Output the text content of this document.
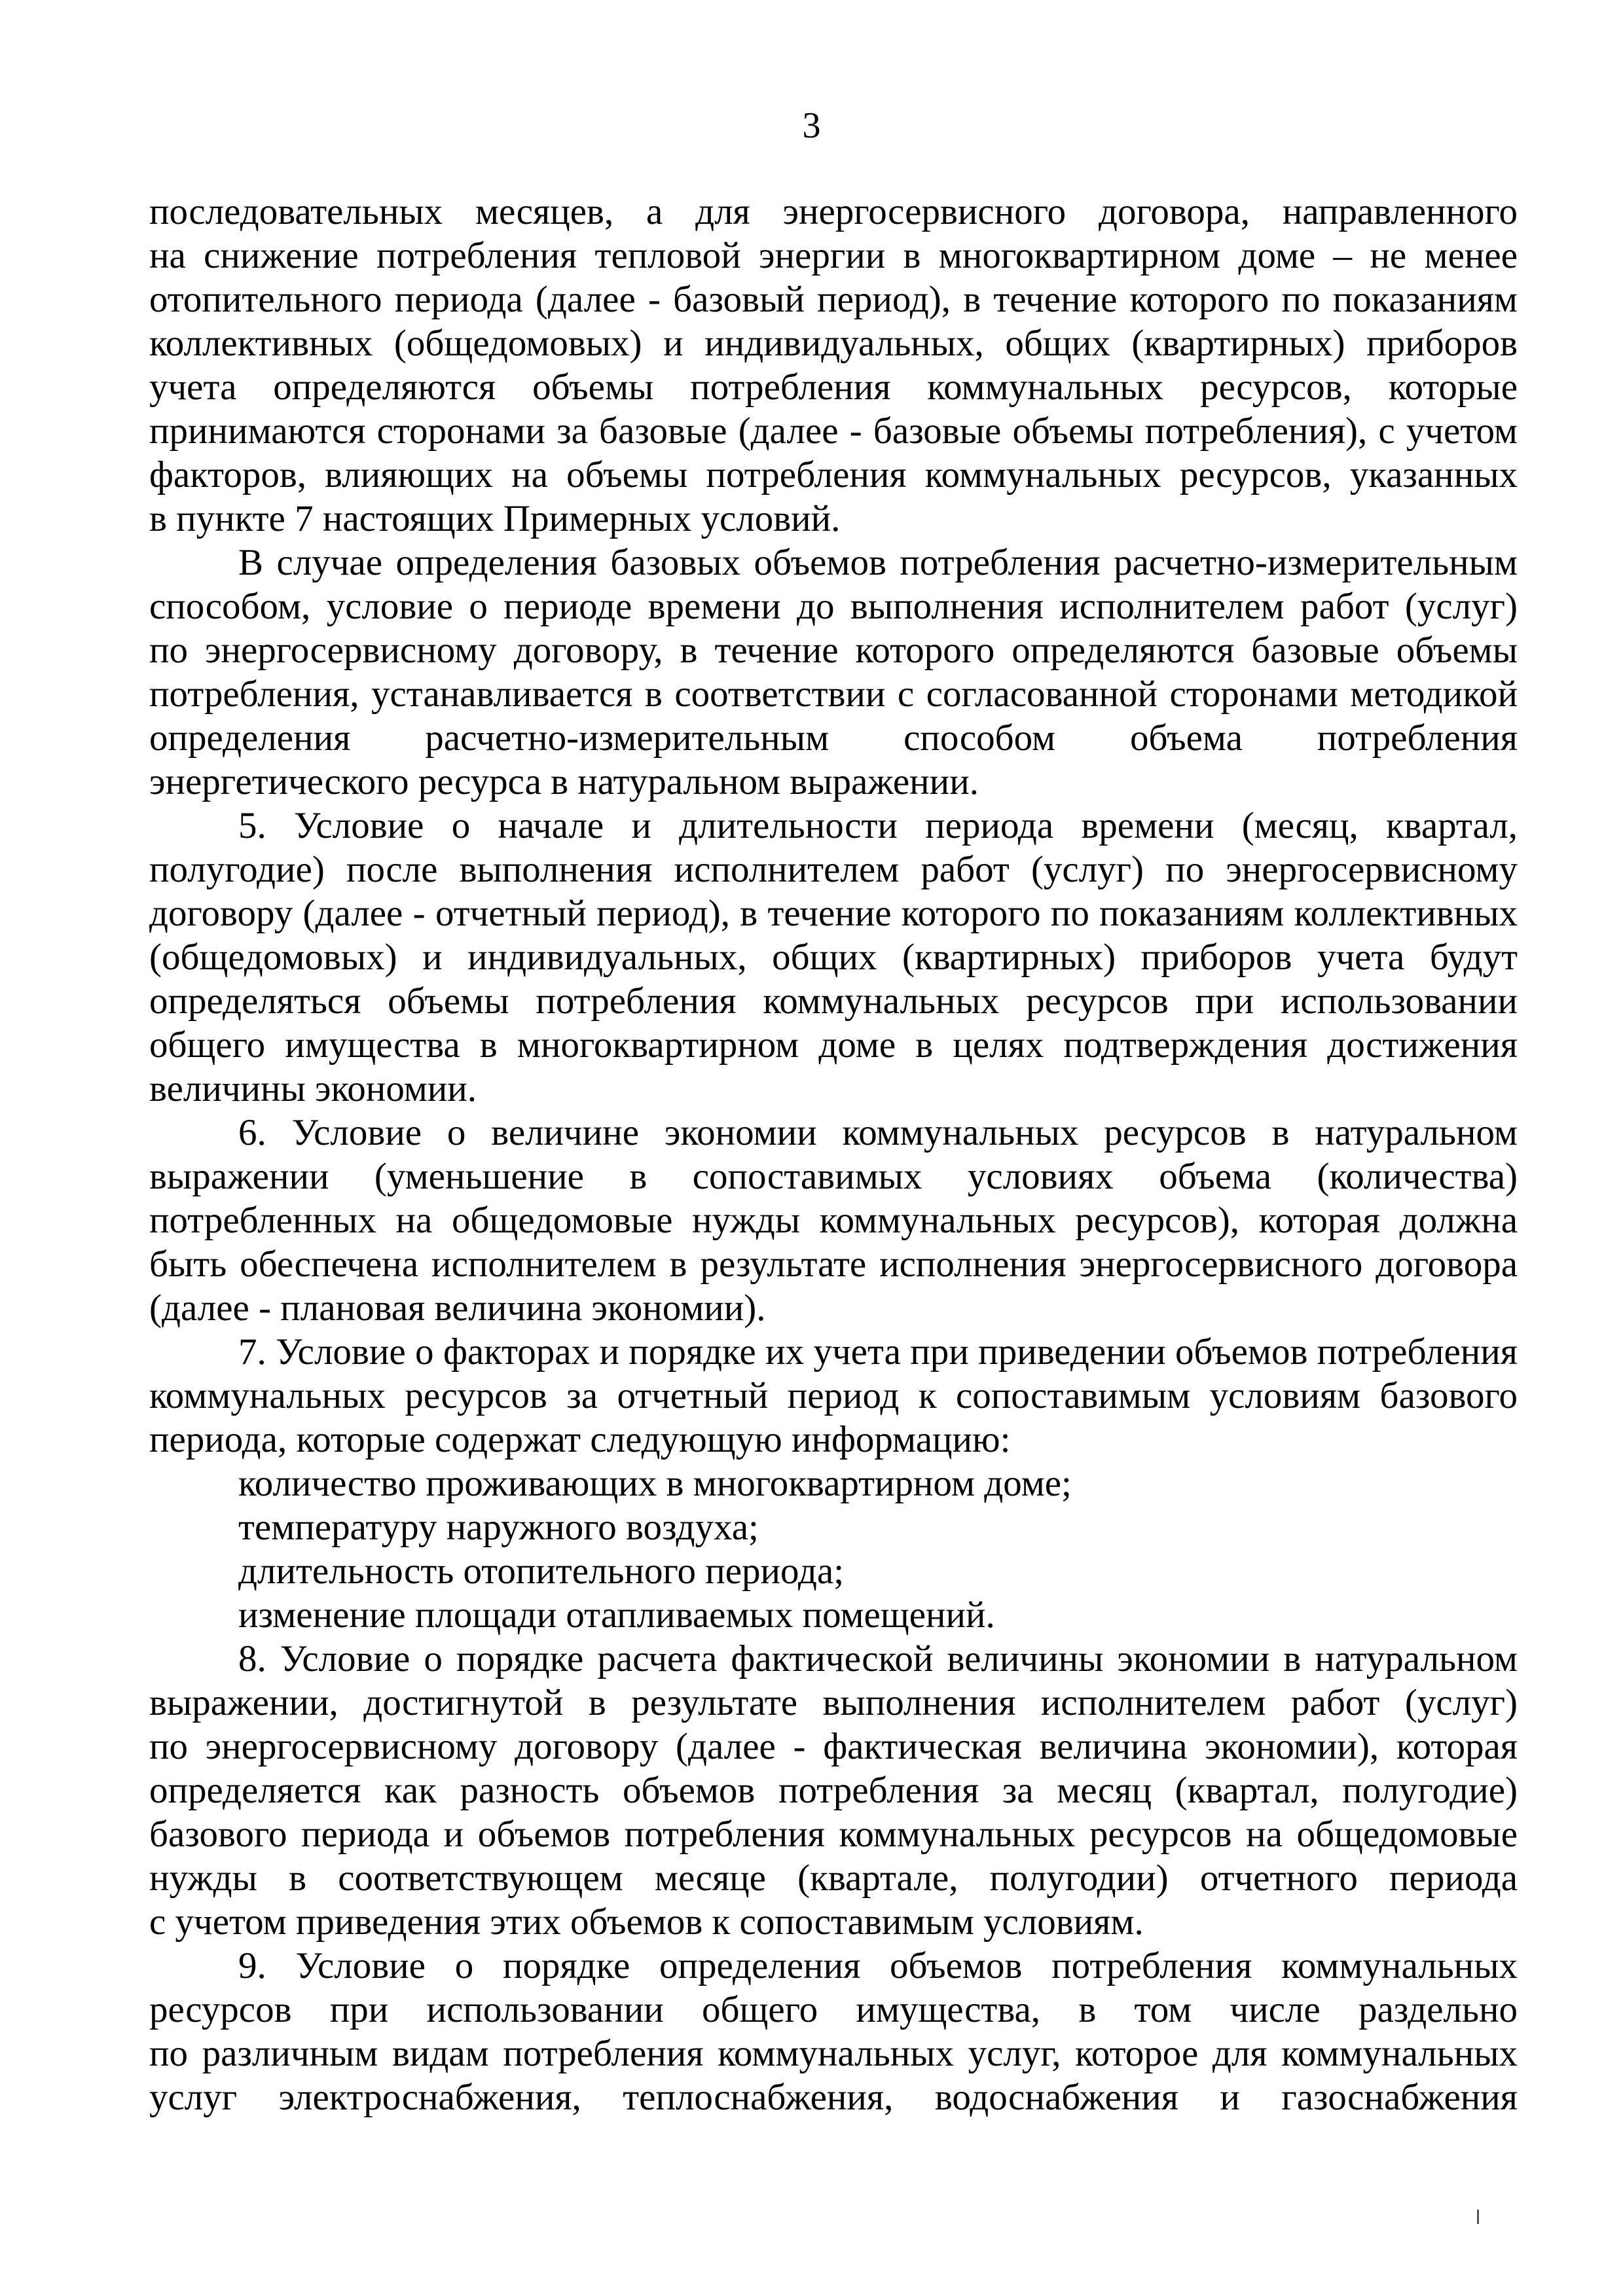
3
последовательных месяцев, а для энергосервисного договора, направленного
на снижение потребления тепловой энергии в многоквартирном доме – не менее
отопительного периода (далее - базовый период), в течение которого по показаниям
коллективных (общедомовых) и индивидуальных, общих (квартирных) приборов
учета определяются объемы потребления коммунальных ресурсов, которые
принимаются сторонами за базовые (далее - базовые объемы потребления), с учетом
факторов, влияющих на объемы потребления коммунальных ресурсов, указанных
в пункте 7 настоящих Примерных условий.
В случае определения базовых объемов потребления расчетно-измерительным
способом, условие о периоде времени до выполнения исполнителем работ (услуг)
по энергосервисному договору, в течение которого определяются базовые объемы
потребления, устанавливается в соответствии с согласованной сторонами методикой
определения расчетно-измерительным способом объема потребления
энергетического ресурса в натуральном выражении.
5. Условие о начале и длительности периода времени (месяц, квартал,
полугодие) после выполнения исполнителем работ (услуг) по энергосервисному
договору (далее - отчетный период), в течение которого по показаниям коллективных
(общедомовых) и индивидуальных, общих (квартирных) приборов учета будут
определяться объемы потребления коммунальных ресурсов при использовании
общего имущества в многоквартирном доме в целях подтверждения достижения
величины экономии.
6. Условие о величине экономии коммунальных ресурсов в натуральном
выражении (уменьшение в сопоставимых условиях объема (количества)
потребленных на общедомовые нужды коммунальных ресурсов), которая должна
быть обеспечена исполнителем в результате исполнения энергосервисного договора
(далее - плановая величина экономии).
7. Условие о факторах и порядке их учета при приведении объемов потребления
коммунальных ресурсов за отчетный период к сопоставимым условиям базового
периода, которые содержат следующую информацию:
количество проживающих в многоквартирном доме;
температуру наружного воздуха;
длительность отопительного периода;
изменение площади отапливаемых помещений.
8. Условие о порядке расчета фактической величины экономии в натуральном
выражении, достигнутой в результате выполнения исполнителем работ (услуг)
по энергосервисному договору (далее - фактическая величина экономии), которая
определяется как разность объемов потребления за месяц (квартал, полугодие)
базового периода и объемов потребления коммунальных ресурсов на общедомовые
нужды в соответствующем месяце (квартале, полугодии) отчетного периода
с учетом приведения этих объемов к сопоставимым условиям.
9. Условие о порядке определения объемов потребления коммунальных
ресурсов при использовании общего имущества, в том числе раздельно
по различным видам потребления коммунальных услуг, которое для коммунальных
услуг электроснабжения, теплоснабжения, водоснабжения и газоснабжения
